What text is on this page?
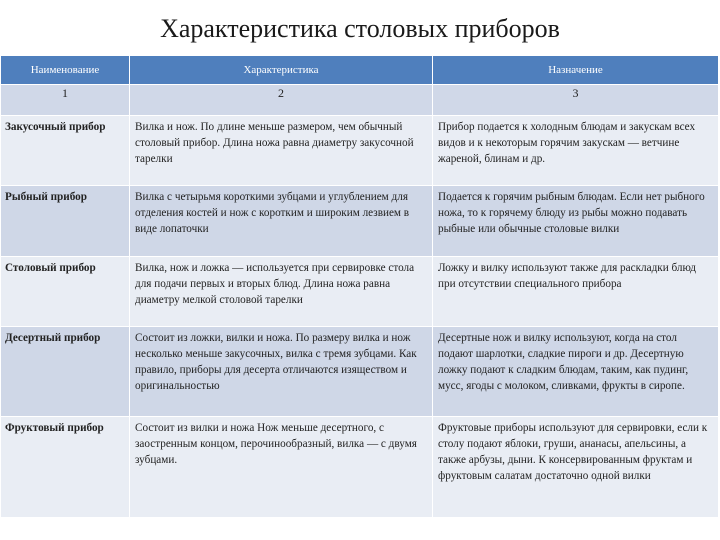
Характеристика столовых приборов
Наименование	Характеристика	Назначение
1	2	3
Закусочный прибор	Вилка и нож. По длине меньше размером, чем обычный столовый прибор. Длина ножа равна диаметру закусочной тарелки	Прибор подается к холодным блюдам и закускам всех видов и к некоторым горячим закускам — ветчине жареной, блинам и др.
Рыбный прибор	Вилка с четырьмя короткими зубцами и углублением для отделения костей и нож с коротким и широким лезвием в виде лопаточки	Подается к горячим рыбным блюдам. Если нет рыбного ножа, то к горячему блюду из рыбы можно подавать рыбные или обычные столовые вилки
Столовый прибор	Вилка, нож и ложка — используется при сервировке стола для подачи первых и вторых блюд. Длина ножа равна диаметру мелкой столовой тарелки	Ложку и вилку используют также для раскладки блюд при отсутствии специального прибора
Десертный прибор	Состоит из ложки, вилки и ножа. По размеру вилка и нож несколько меньше закусочных, вилка с тремя зубцами. Как правило, приборы для десерта отличаются изяществом и оригинальностью	Десертные нож и вилку используют, когда на стол подают шарлотки, сладкие пироги и др. Десертную ложку подают к сладким блюдам, таким, как пудинг, мусс, ягоды с молоком, сливками, фрукты в сиропе.
Фруктовый прибор	Состоит из вилки и ножа Нож меньше десертного, с заостренным концом, перочинообразный, вилка — с двумя зубцами.	Фруктовые приборы используют для сервировки, если к столу подают яблоки, груши, ананасы, апельсины, а также арбузы, дыни. К консервированным фруктам и фруктовым салатам достаточно одной вилки
